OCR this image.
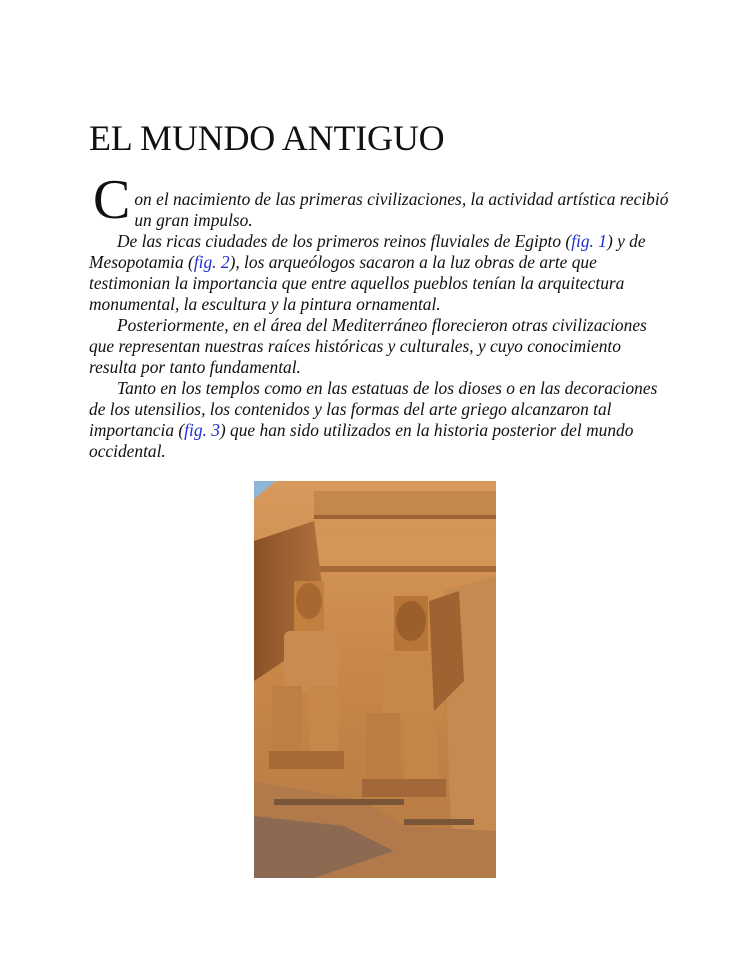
EL MUNDO ANTIGUO
C on el nacimiento de las primeras civilizaciones, la actividad artística recibió un gran impulso.

De las ricas ciudades de los primeros reinos fluviales de Egipto (fig. 1) y de Mesopotamia (fig. 2), los arqueólogos sacaron a la luz obras de arte que testimonian la importancia que entre aquellos pueblos tenían la arquitectura monumental, la escultura y la pintura ornamental.

Posteriormente, en el área del Mediterráneo florecieron otras civilizaciones que representan nuestras raíces históricas y culturales, y cuyo conocimiento resulta por tanto fundamental.

Tanto en los templos como en las estatuas de los dioses o en las decoraciones de los utensilios, los contenidos y las formas del arte griego alcanzaron tal importancia (fig. 3) que han sido utilizados en la historia posterior del mundo occidental.
